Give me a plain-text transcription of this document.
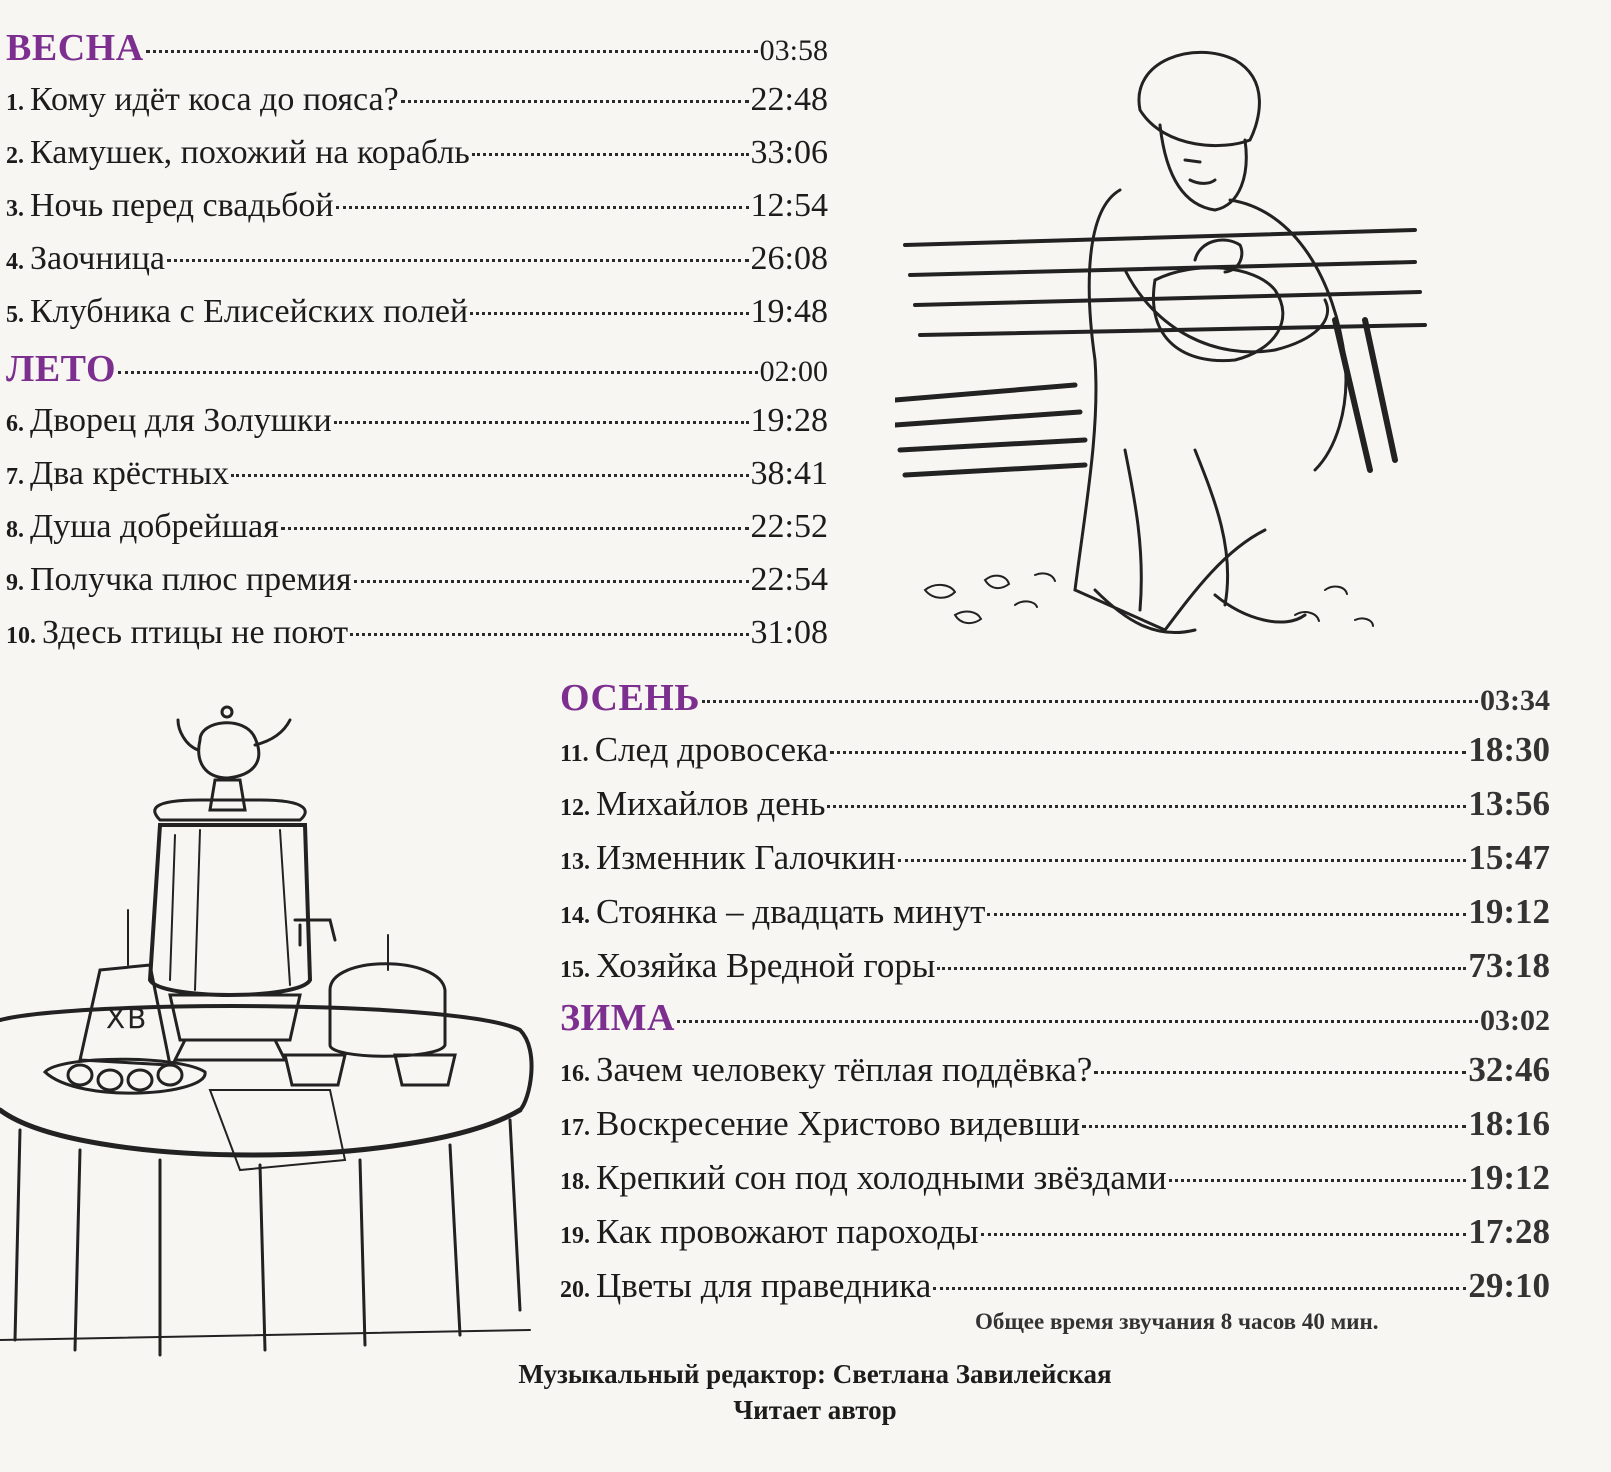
ВЕСНА	03:58
1. Кому идёт коса до пояса?	22:48
2. Камушек, похожий на корабль	33:06
3. Ночь перед свадьбой	12:54
4. Заочница	26:08
5. Клубника с Елисейских полей	19:48
ЛЕТО	02:00
6. Дворец для Золушки	19:28
7. Два крёстных	38:41
8. Душа добрейшая	22:52
9. Получка плюс премия	22:54
10. Здесь птицы не поют	31:08
ОСЕНЬ	03:34
11. След дровосека	18:30
12. Михайлов день	13:56
13. Изменник Галочкин	15:47
14. Стоянка – двадцать минут	19:12
15. Хозяйка Вредной горы	73:18
ЗИМА	03:02
16. Зачем человеку тёплая поддёвка?	32:46
17. Воскресение Христово видевши	18:16
18. Крепкий сон под холодными звёздами	19:12
19. Как провожают пароходы	17:28
20. Цветы для праведника	29:10
ХВ
Общее время звучания 8 часов 40 мин.
Музыкальный редактор: Светлана Завилейская
Читает автор
